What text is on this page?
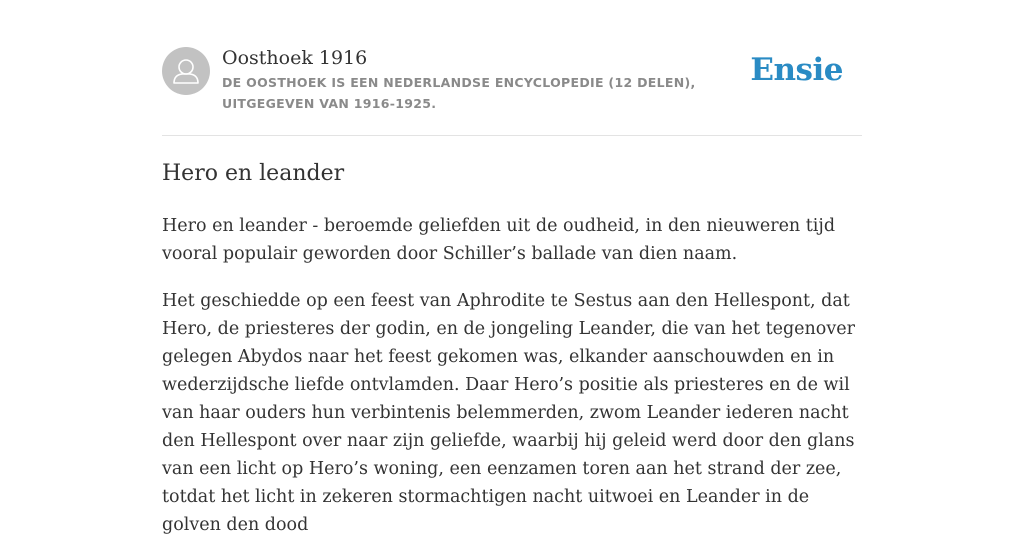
Oosthoek 1916
DE OOSTHOEK IS EEN NEDERLANDSE ENCYCLOPEDIE (12 DELEN), UITGEGEVEN VAN 1916-1925.
Ensie
Hero en leander

Hero en leander - beroemde geliefden uit de oudheid, in den nieuweren tijd vooral populair geworden door Schiller’s ballade van dien naam.

Het geschiedde op een feest van Aphrodite te Sestus aan den Hellespont, dat Hero, de priesteres der godin, en de jongeling Leander, die van het tegenover gelegen Abydos naar het feest gekomen was, elkander aanschouwden en in wederzijdsche liefde ontvlamden. Daar Hero’s positie als priesteres en de wil van haar ouders hun verbintenis belemmerden, zwom Leander iederen nacht den Hellespont over naar zijn geliefde, waarbij hij geleid werd door den glans van een licht op Hero’s woning, een eenzamen toren aan het strand der zee, totdat het licht in zekeren stormachtigen nacht uitwoei en Leander in de golven den dood
